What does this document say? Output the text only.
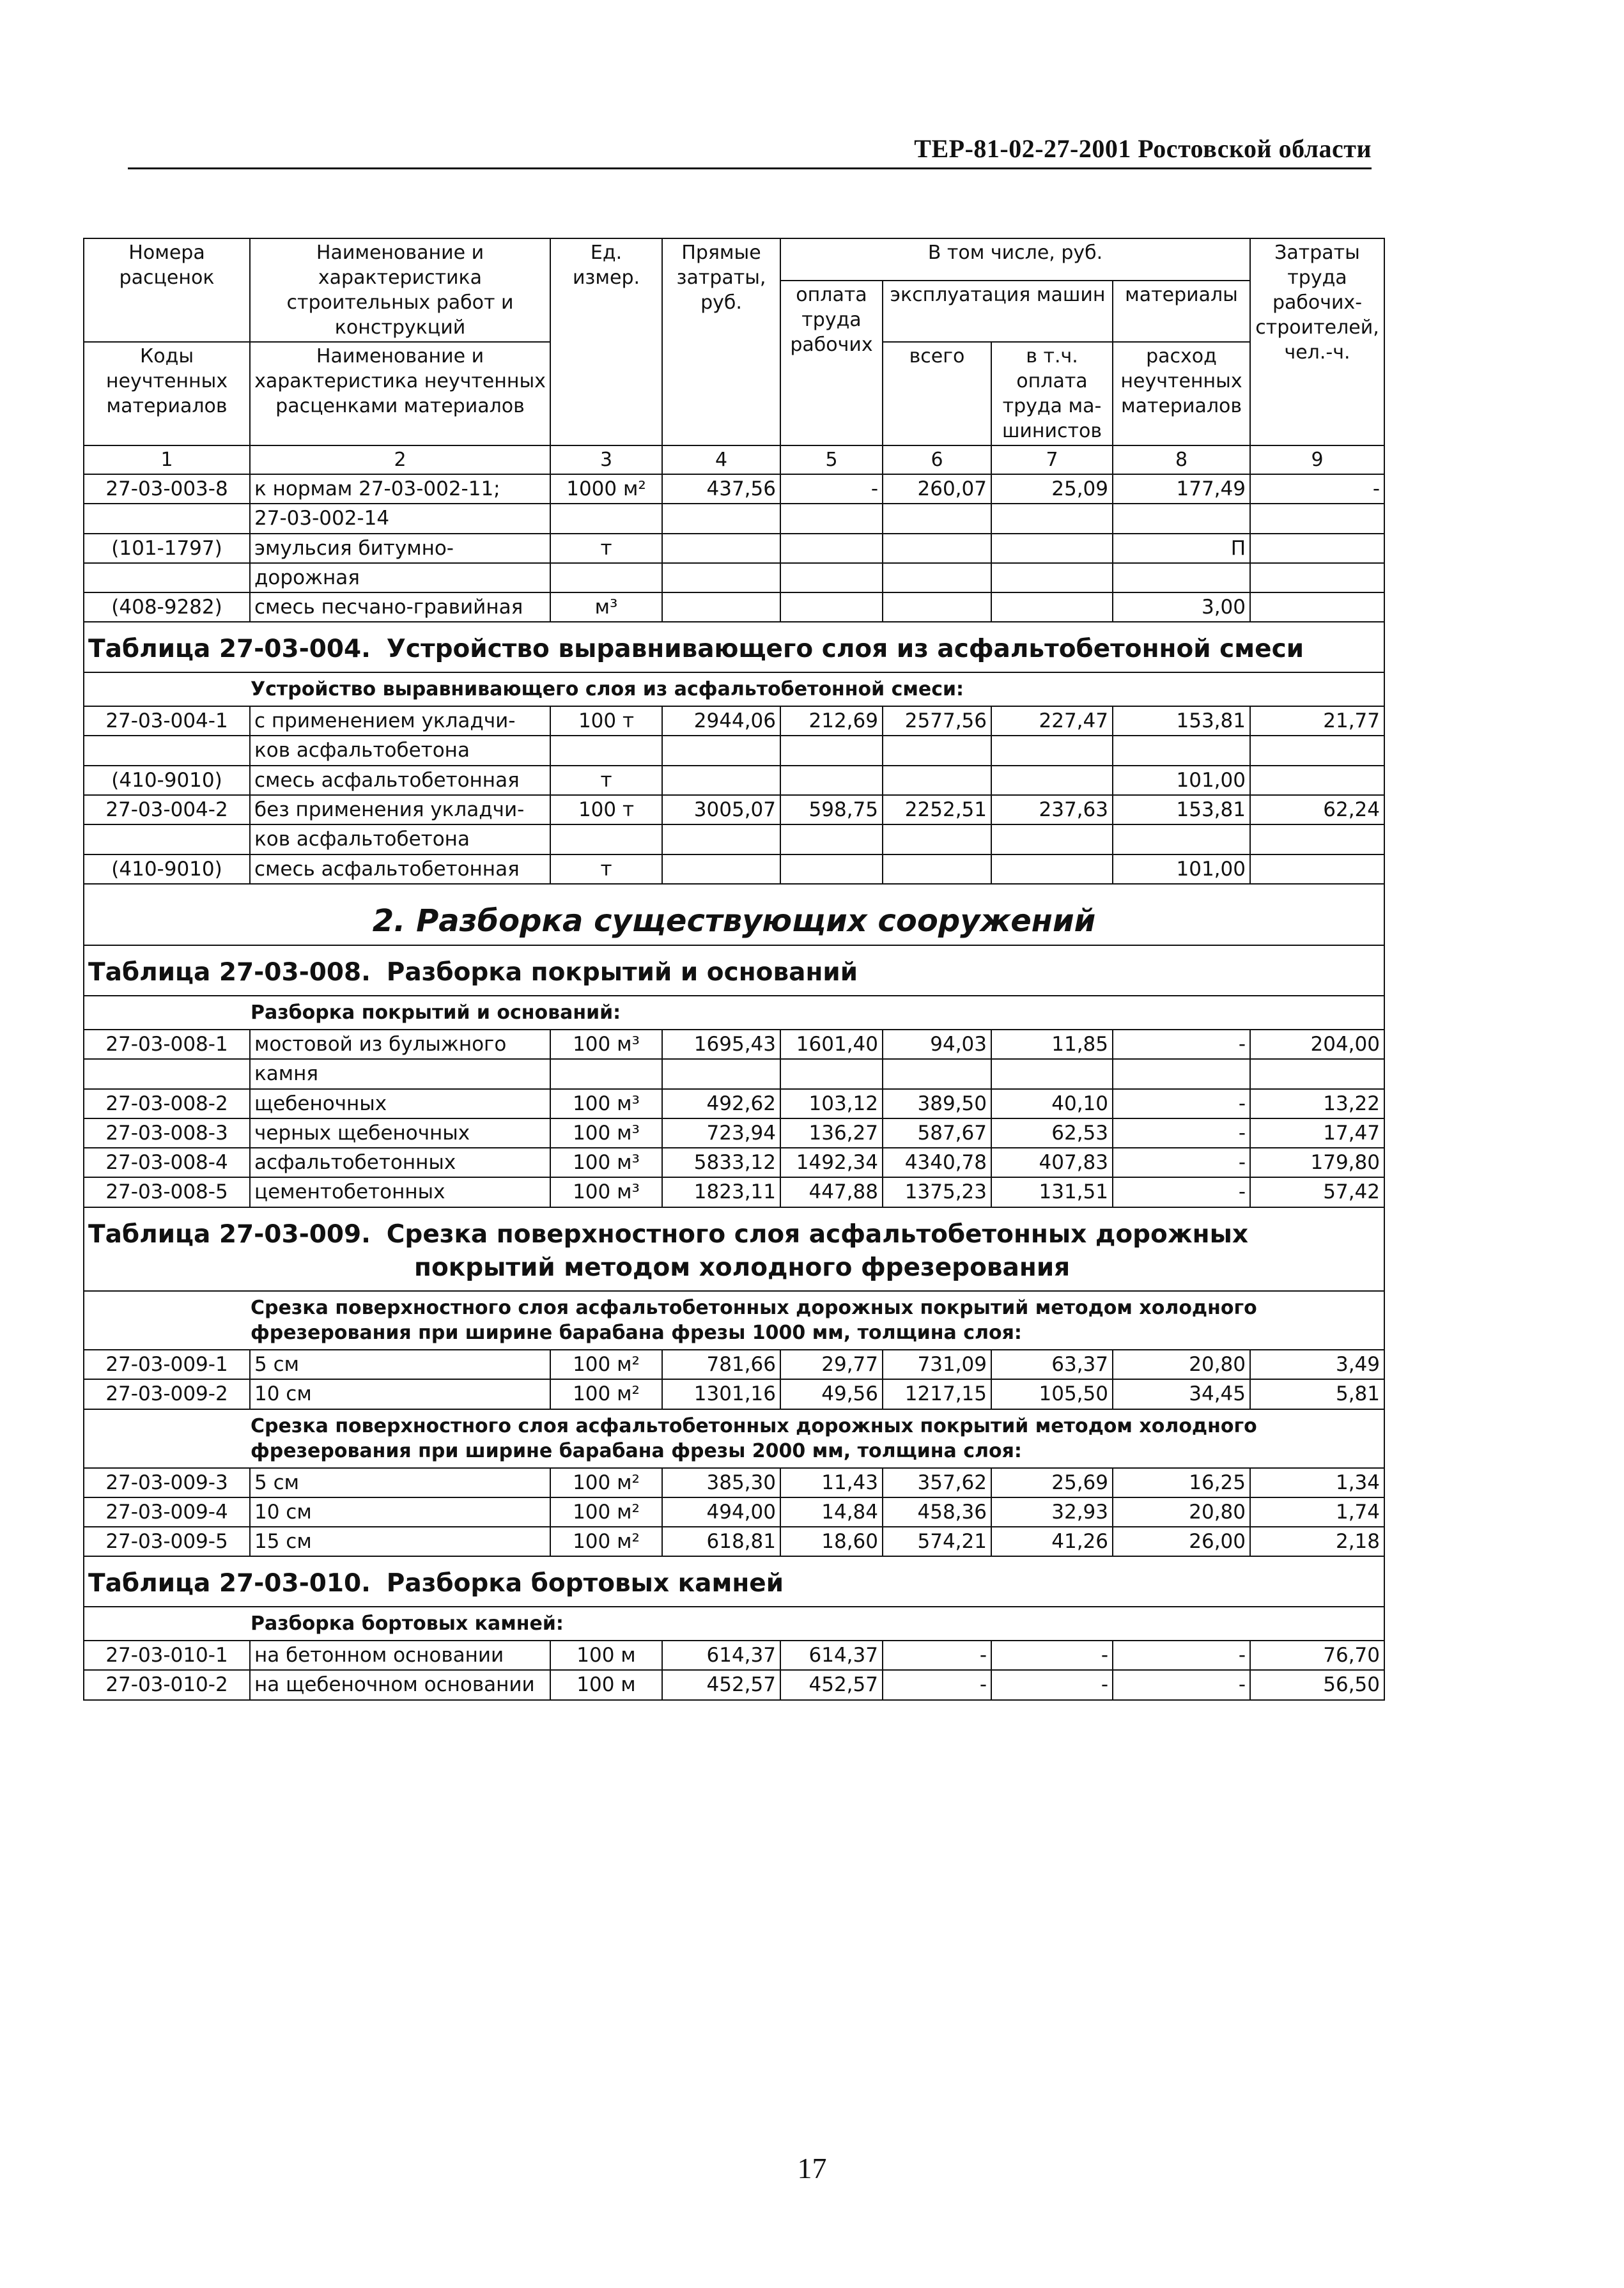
ТЕР-81-02-27-2001 Ростовской области
Номера расценок	Наименование и характеристика строительных работ и конструкций	Ед. измер.	Прямые затраты, руб.	В том числе, руб.				Затраты труда рабочих-строителей, чел.-ч.
				оплата труда рабочих	эксплуатация машин		материалы	
Коды неучтенных материалов	Наименование и характеристика неучтенных расценками материалов				всего	в т.ч. оплата труда ма-шинистов	расход неучтенных материалов	

1	2	3	4	5	6	7	8	9
27-03-003-8	к нормам 27-03-002-11;	1000 м²	437,56	-	260,07	25,09	177,49	-
	27-03-002-14							
(101-1797)	эмульсия битумно-	т					П	
	дорожная							
(408-9282)	смесь песчано-гравийная	м³					3,00	
Таблица 27-03-004. Устройство выравнивающего слоя из асфальтобетонной смеси								
Устройство выравнивающего слоя из асфальтобетонной смеси:								
27-03-004-1	с применением укладчи-	100 т	2944,06	212,69	2577,56	227,47	153,81	21,77
	ков асфальтобетона							
(410-9010)	смесь асфальтобетонная	т					101,00	
27-03-004-2	без применения укладчи-	100 т	3005,07	598,75	2252,51	237,63	153,81	62,24
	ков асфальтобетона							
(410-9010)	смесь асфальтобетонная	т					101,00	
2. Разборка существующих сооружений								
Таблица 27-03-008. Разборка покрытий и оснований								
Разборка покрытий и оснований:								
27-03-008-1	мостовой из булыжного	100 м³	1695,43	1601,40	94,03	11,85	-	204,00
	камня							
27-03-008-2	щебеночных	100 м³	492,62	103,12	389,50	40,10	-	13,22
27-03-008-3	черных щебеночных	100 м³	723,94	136,27	587,67	62,53	-	17,47
27-03-008-4	асфальтобетонных	100 м³	5833,12	1492,34	4340,78	407,83	-	179,80
27-03-008-5	цементобетонных	100 м³	1823,11	447,88	1375,23	131,51	-	57,42
Таблица 27-03-009. Срезка поверхностного слоя асфальтобетонных дорожных
покрытий методом холодного фрезерования								
Срезка поверхностного слоя асфальтобетонных дорожных покрытий методом холодного
фрезерования при ширине барабана фрезы 1000 мм, толщина слоя:								
27-03-009-1	5 см	100 м²	781,66	29,77	731,09	63,37	20,80	3,49
27-03-009-2	10 см	100 м²	1301,16	49,56	1217,15	105,50	34,45	5,81
Срезка поверхностного слоя асфальтобетонных дорожных покрытий методом холодного
фрезерования при ширине барабана фрезы 2000 мм, толщина слоя:								
27-03-009-3	5 см	100 м²	385,30	11,43	357,62	25,69	16,25	1,34
27-03-009-4	10 см	100 м²	494,00	14,84	458,36	32,93	20,80	1,74
27-03-009-5	15 см	100 м²	618,81	18,60	574,21	41,26	26,00	2,18
Таблица 27-03-010. Разборка бортовых камней								
Разборка бортовых камней:								
27-03-010-1	на бетонном основании	100 м	614,37	614,37	-	-	-	76,70
27-03-010-2	на щебеночном основании	100 м	452,57	452,57	-	-	-	56,50
17
